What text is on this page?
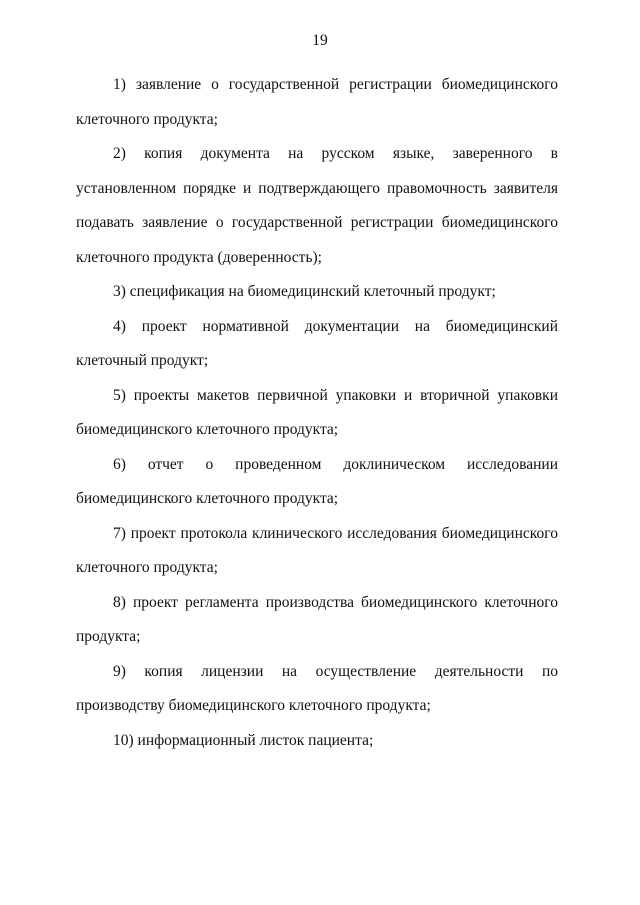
19

1) заявление о государственной регистрации биомедицинского клеточного продукта;

2) копия документа на русском языке, заверенного в установленном порядке и подтверждающего правомочность заявителя подавать заявление о государственной регистрации биомедицинского клеточного продукта (доверенность);

3) спецификация на биомедицинский клеточный продукт;

4) проект нормативной документации на биомедицинский клеточный продукт;

5) проекты макетов первичной упаковки и вторичной упаковки биомедицинского клеточного продукта;

6) отчет о проведенном доклиническом исследовании биомедицинского клеточного продукта;

7) проект протокола клинического исследования биомедицинского клеточного продукта;

8) проект регламента производства биомедицинского клеточного продукта;

9) копия лицензии на осуществление деятельности по производству биомедицинского клеточного продукта;

10) информационный листок пациента;
